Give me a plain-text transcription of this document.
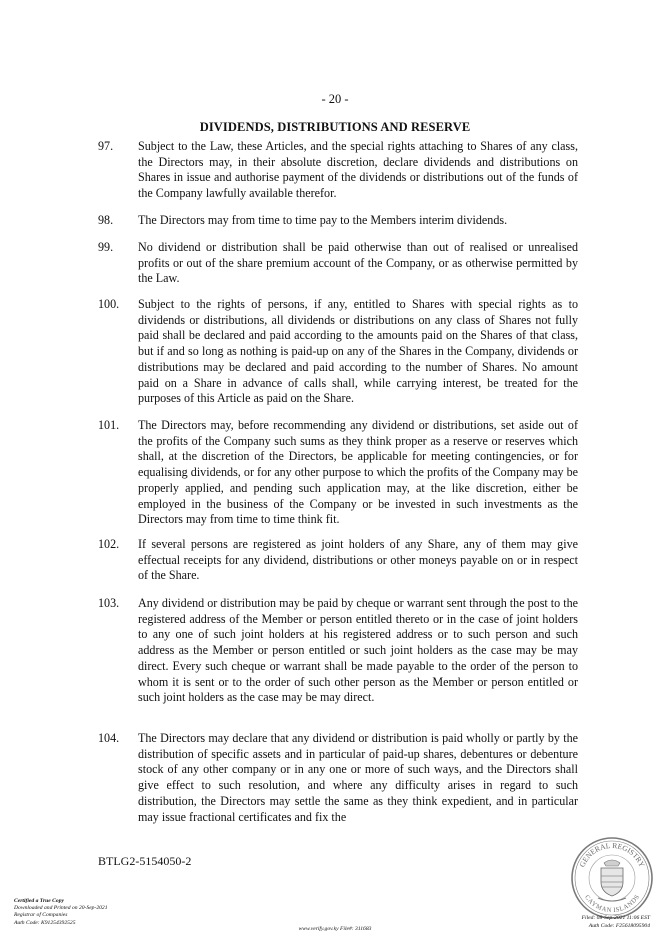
- 20 -
DIVIDENDS, DISTRIBUTIONS AND RESERVE
97. Subject to the Law, these Articles, and the special rights attaching to Shares of any class, the Directors may, in their absolute discretion, declare dividends and distributions on Shares in issue and authorise payment of the dividends or distributions out of the funds of the Company lawfully available therefor.
98. The Directors may from time to time pay to the Members interim dividends.
99. No dividend or distribution shall be paid otherwise than out of realised or unrealised profits or out of the share premium account of the Company, or as otherwise permitted by the Law.
100. Subject to the rights of persons, if any, entitled to Shares with special rights as to dividends or distributions, all dividends or distributions on any class of Shares not fully paid shall be declared and paid according to the amounts paid on the Shares of that class, but if and so long as nothing is paid-up on any of the Shares in the Company, dividends or distributions may be declared and paid according to the number of Shares. No amount paid on a Share in advance of calls shall, while carrying interest, be treated for the purposes of this Article as paid on the Share.
101. The Directors may, before recommending any dividend or distributions, set aside out of the profits of the Company such sums as they think proper as a reserve or reserves which shall, at the discretion of the Directors, be applicable for meeting contingencies, or for equalising dividends, or for any other purpose to which the profits of the Company may be properly applied, and pending such application may, at the like discretion, either be employed in the business of the Company or be invested in such investments as the Directors may from time to time think fit.
102. If several persons are registered as joint holders of any Share, any of them may give effectual receipts for any dividend, distributions or other moneys payable on or in respect of the Share.
103. Any dividend or distribution may be paid by cheque or warrant sent through the post to the registered address of the Member or person entitled thereto or in the case of joint holders to any one of such joint holders at his registered address or to such person and such address as the Member or person entitled or such joint holders as the case may be may direct. Every such cheque or warrant shall be made payable to the order of the person to whom it is sent or to the order of such other person as the Member or person entitled or such joint holders as the case may be may direct.
104. The Directors may declare that any dividend or distribution is paid wholly or partly by the distribution of specific assets and in particular of paid-up shares, debentures or debenture stock of any other company or in any one or more of such ways, and the Directors shall give effect to such resolution, and where any difficulty arises in regard to such distribution, the Directors may settle the same as they think expedient, and in particular may issue fractional certificates and fix the
BTLG2-5154050-2
Certified a True Copy
Downloaded and Printed on 20-Sep-2021
Registrar of Companies
Auth Code: K91254392525
www.verify.gov.ky File#: 311683
GENERAL REGISTRY
CAYMAN ISLANDS
Filed: 08-Sep-2021 11:06 EST
Auth Code: F25618095904
